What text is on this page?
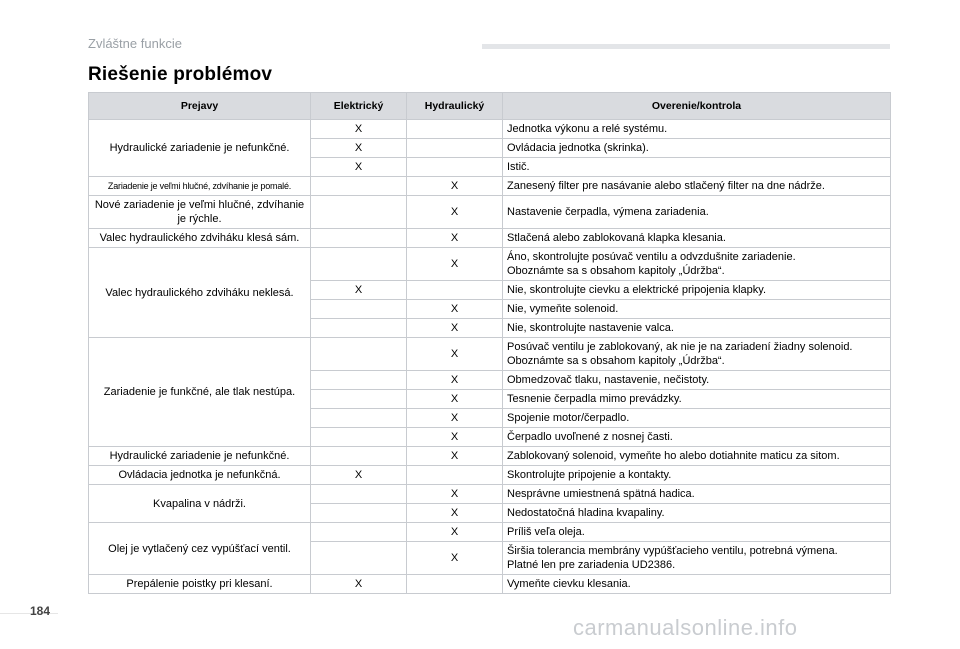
Zvláštne funkcie
Riešenie problémov
Prejavy	Elektrický	Hydraulický	Overenie/kontrola
Hydraulické zariadenie je nefunkčné.	X		Jednotka výkonu a relé systému.

	X		Ovládacia jednotka (skrinka).

	X		Istič.

Zariadenie je veľmi hlučné, zdvíhanie je pomalé.		X	Zanesený filter pre nasávanie alebo stlačený filter na dne nádrže.

Nové zariadenie je veľmi hlučné, zdvíhanie je rýchle.		X	Nastavenie čerpadla, výmena zariadenia.

Valec hydraulického zdviháku klesá sám.		X	Stlačená alebo zablokovaná klapka klesania.

Valec hydraulického zdviháku neklesá.		X	Áno, skontrolujte posúvač ventilu a odvzdušnite zariadenie.
Oboznámte sa s obsahom kapitoly „Údržba“.

	X		Nie, skontrolujte cievku a elektrické pripojenia klapky.

		X	Nie, vymeňte solenoid.

		X	Nie, skontrolujte nastavenie valca.

Zariadenie je funkčné, ale tlak nestúpa.		X	Posúvač ventilu je zablokovaný, ak nie je na zariadení žiadny solenoid.
Oboznámte sa s obsahom kapitoly „Údržba“.

		X	Obmedzovač tlaku, nastavenie, nečistoty.

		X	Tesnenie čerpadla mimo prevádzky.

		X	Spojenie motor/čerpadlo.

		X	Čerpadlo uvoľnené z nosnej časti.

Hydraulické zariadenie je nefunkčné.		X	Zablokovaný solenoid, vymeňte ho alebo dotiahnite maticu za sitom.

Ovládacia jednotka je nefunkčná.	X		Skontrolujte pripojenie a kontakty.

Kvapalina v nádrži.		X	Nesprávne umiestnená spätná hadica.

		X	Nedostatočná hladina kvapaliny.

Olej je vytlačený cez vypúšťací ventil.		X	Príliš veľa oleja.

		X	Širšia tolerancia membrány vypúšťacieho ventilu, potrebná výmena.
Platné len pre zariadenia UD2386.

Prepálenie poistky pri klesaní.	X		Vymeňte cievku klesania.
184
carmanualsonline.info
